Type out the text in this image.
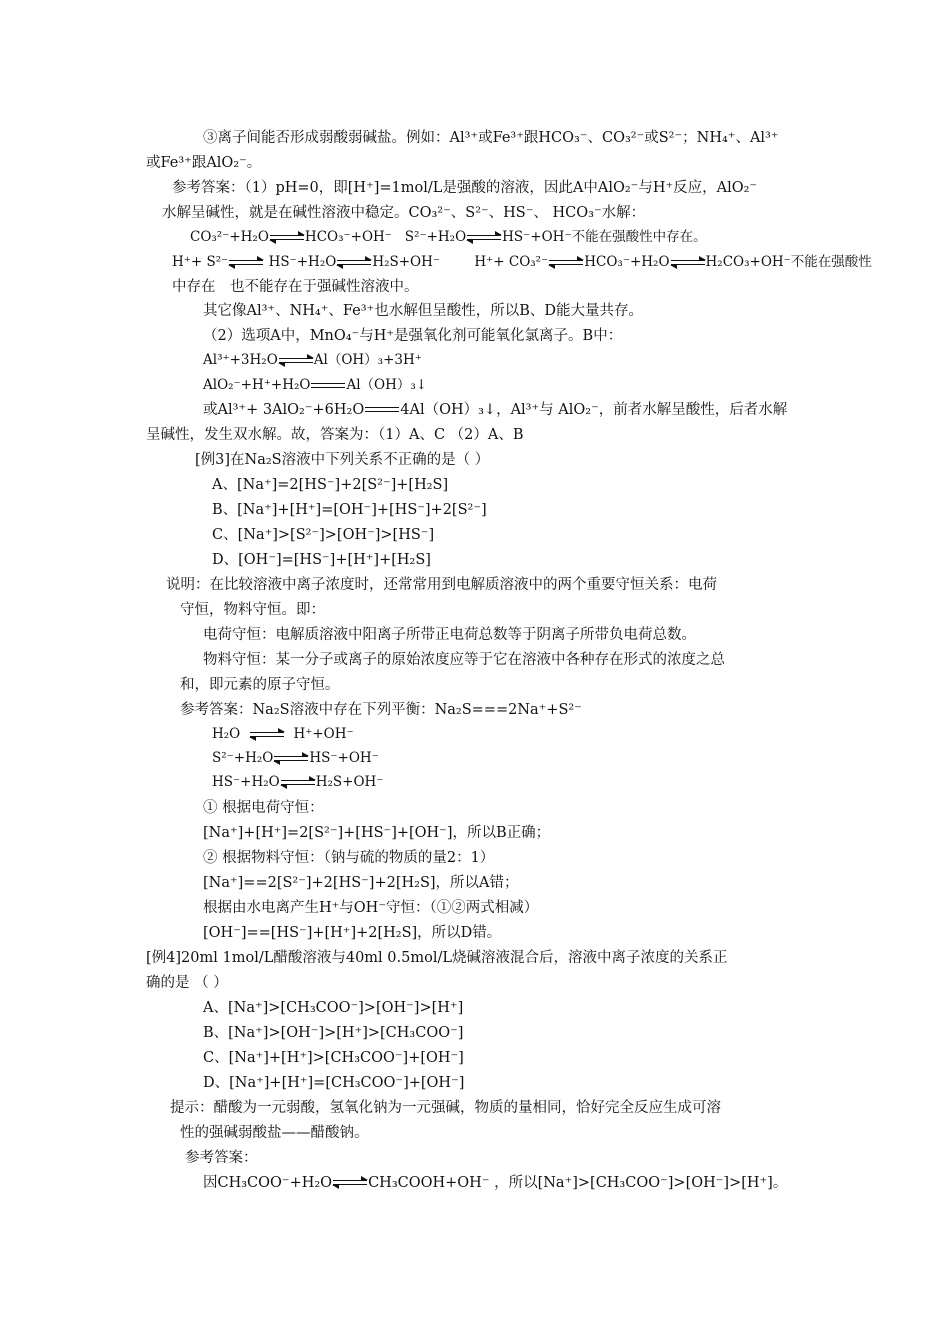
③离子间能否形成弱酸弱碱盐。例如：Al³⁺或Fe³⁺跟HCO₃⁻、CO₃²⁻或S²⁻；NH₄⁺、Al³⁺
或Fe³⁺跟AlO₂⁻。
参考答案：（1）pH=0，即[H⁺]=1mol/L是强酸的溶液，因此A中AlO₂⁻与H⁺反应，AlO₂⁻
水解呈碱性，就是在碱性溶液中稳定。CO₃²⁻、S²⁻、HS⁻、 HCO₃⁻水解：
CO₃²⁻+H₂O	HCO₃⁻+OH⁻ S²⁻+H₂O	HS⁻+OH⁻不能在强酸性中存在。
H⁺+ S²⁻	HS⁻+H₂O	H₂S+OH⁻	H⁺+ CO₃²⁻	HCO₃⁻+H₂O	H₂CO₃+OH⁻不能在强酸性
中存在　也不能存在于强碱性溶液中。
其它像Al³⁺、NH₄⁺、Fe³⁺也水解但呈酸性，所以B、D能大量共存。
（2）选项A中，MnO₄⁻与H⁺是强氧化剂可能氧化氯离子。B中：
Al³⁺+3H₂O	Al（OH）₃+3H⁺
AlO₂⁻+H⁺+H₂O	Al（OH）₃↓
或Al³⁺+ 3AlO₂⁻+6H₂O 4Al（OH）₃↓，Al³⁺与 AlO₂⁻，前者水解呈酸性，后者水解
呈碱性，发生双水解。故，答案为：（1）A、C （2）A、B
[例3]在Na₂S溶液中下列关系不正确的是（ ）
A、[Na⁺]=2[HS⁻]+2[S²⁻]+[H₂S]
B、[Na⁺]+[H⁺]=[OH⁻]+[HS⁻]+2[S²⁻]
C、[Na⁺]>[S²⁻]>[OH⁻]>[HS⁻]
D、[OH⁻]=[HS⁻]+[H⁺]+[H₂S]
说明：在比较溶液中离子浓度时，还常常用到电解质溶液中的两个重要守恒关系：电荷
守恒，物料守恒。即：
电荷守恒：电解质溶液中阳离子所带正电荷总数等于阴离子所带负电荷总数。
物料守恒：某一分子或离子的原始浓度应等于它在溶液中各种存在形式的浓度之总
和，即元素的原子守恒。
参考答案：Na₂S溶液中存在下列平衡：Na₂S===2Na⁺+S²⁻
H₂O	H⁺+OH⁻
S²⁻+H₂O	HS⁻+OH⁻
HS⁻+H₂O	H₂S+OH⁻
① 根据电荷守恒：
[Na⁺]+[H⁺]=2[S²⁻]+[HS⁻]+[OH⁻]，所以B正确；
② 根据物料守恒：（钠与硫的物质的量2：1）
[Na⁺]==2[S²⁻]+2[HS⁻]+2[H₂S]，所以A错；
根据由水电离产生H⁺与OH⁻守恒：（①②两式相减）
[OH⁻]==[HS⁻]+[H⁺]+2[H₂S]，所以D错。
[例4]20ml 1mol/L醋酸溶液与40ml 0.5mol/L烧碱溶液混合后，溶液中离子浓度的关系正
确的是 （ ）
A、[Na⁺]>[CH₃COO⁻]>[OH⁻]>[H⁺]
B、[Na⁺]>[OH⁻]>[H⁺]>[CH₃COO⁻]
C、[Na⁺]+[H⁺]>[CH₃COO⁻]+[OH⁻]
D、[Na⁺]+[H⁺]=[CH₃COO⁻]+[OH⁻]
提示：醋酸为一元弱酸，氢氧化钠为一元强碱，物质的量相同，恰好完全反应生成可溶
性的强碱弱酸盐——醋酸钠。
参考答案：
因CH₃COO⁻+H₂O CH₃COOH+OH⁻ ，所以[Na⁺]>[CH₃COO⁻]>[OH⁻]>[H⁺]。
